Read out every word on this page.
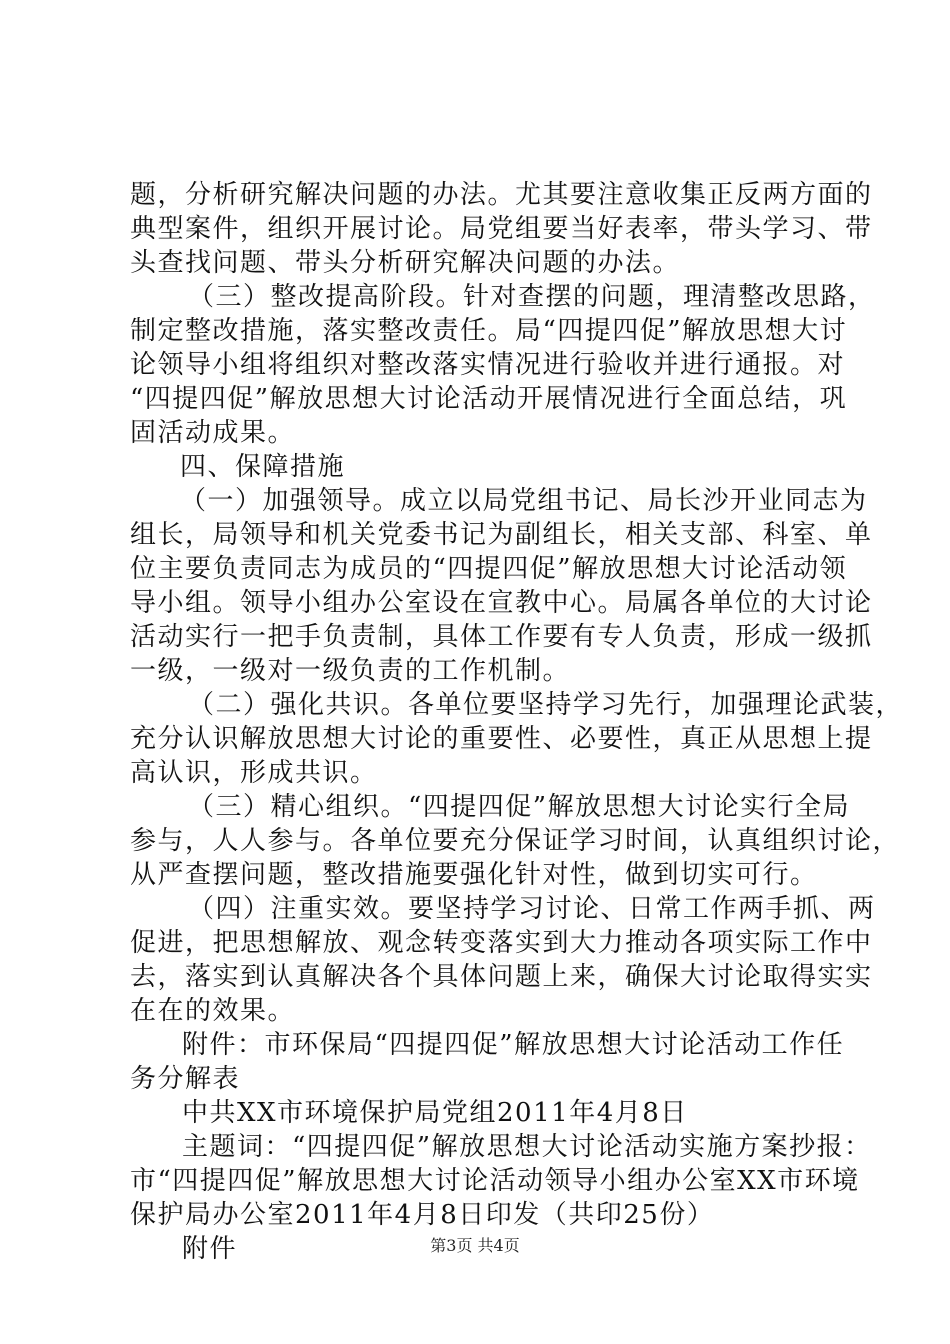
题，分析研究解决问题的办法。尤其要注意收集正反两方面的
典型案件，组织开展讨论。局党组要当好表率，带头学习、带
头查找问题、带头分析研究解决问题的办法。
（三）整改提高阶段。针对查摆的问题，理清整改思路，
制定整改措施，落实整改责任。局“四提四促”解放思想大讨
论领导小组将组织对整改落实情况进行验收并进行通报。对
“四提四促”解放思想大讨论活动开展情况进行全面总结，巩
固活动成果。
四、保障措施
（一）加强领导。成立以局党组书记、局长沙开业同志为
组长，局领导和机关党委书记为副组长，相关支部、科室、单
位主要负责同志为成员的“四提四促”解放思想大讨论活动领
导小组。领导小组办公室设在宣教中心。局属各单位的大讨论
活动实行一把手负责制，具体工作要有专人负责，形成一级抓
一级，一级对一级负责的工作机制。
（二）强化共识。各单位要坚持学习先行，加强理论武装，
充分认识解放思想大讨论的重要性、必要性，真正从思想上提
高认识，形成共识。
（三）精心组织。“四提四促”解放思想大讨论实行全局
参与，人人参与。各单位要充分保证学习时间，认真组织讨论，
从严查摆问题，整改措施要强化针对性，做到切实可行。
（四）注重实效。要坚持学习讨论、日常工作两手抓、两
促进，把思想解放、观念转变落实到大力推动各项实际工作中
去，落实到认真解决各个具体问题上来，确保大讨论取得实实
在在的效果。
附件：市环保局“四提四促”解放思想大讨论活动工作任
务分解表
中共XX市环境保护局党组2011年4月8日
主题词：“四提四促”解放思想大讨论活动实施方案抄报：
市“四提四促”解放思想大讨论活动领导小组办公室XX市环境
保护局办公室2011年4月8日印发（共印25份）
附件	第3页 共4页
